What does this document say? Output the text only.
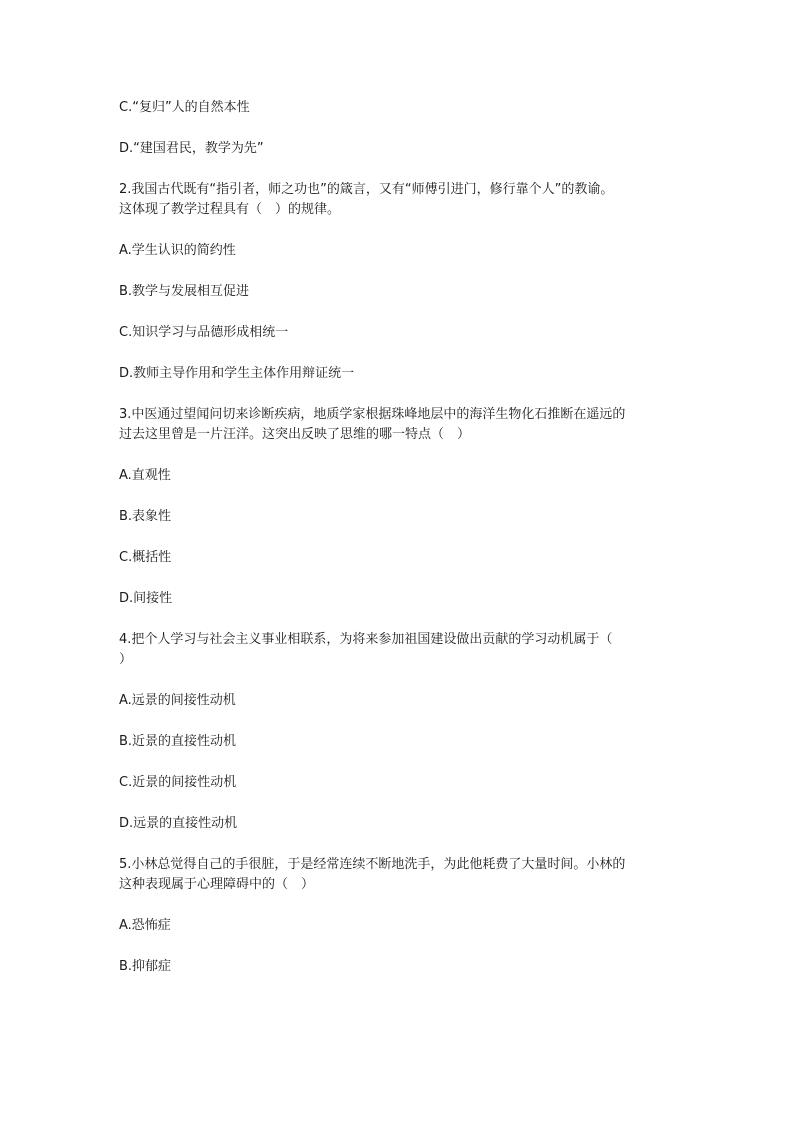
C.“复归”人的自然本性

D.“建国君民，教学为先”

2.我国古代既有“指引者，师之功也”的箴言，又有“师傅引进门，修行靠个人”的教谕。

这体现了教学过程具有（　）的规律。

A.学生认识的简约性

B.教学与发展相互促进

C.知识学习与品德形成相统一

D.教师主导作用和学生主体作用辩证统一

3.中医通过望闻问切来诊断疾病，地质学家根据珠峰地层中的海洋生物化石推断在遥远的

过去这里曾是一片汪洋。这突出反映了思维的哪一特点（　）

A.直观性

B.表象性

C.概括性

D.间接性

4.把个人学习与社会主义事业相联系，为将来参加祖国建设做出贡献的学习动机属于（

）

A.远景的间接性动机

B.近景的直接性动机

C.近景的间接性动机

D.远景的直接性动机

5.小林总觉得自己的手很脏，于是经常连续不断地洗手，为此他耗费了大量时间。小林的

这种表现属于心理障碍中的（　）

A.恐怖症

B.抑郁症
